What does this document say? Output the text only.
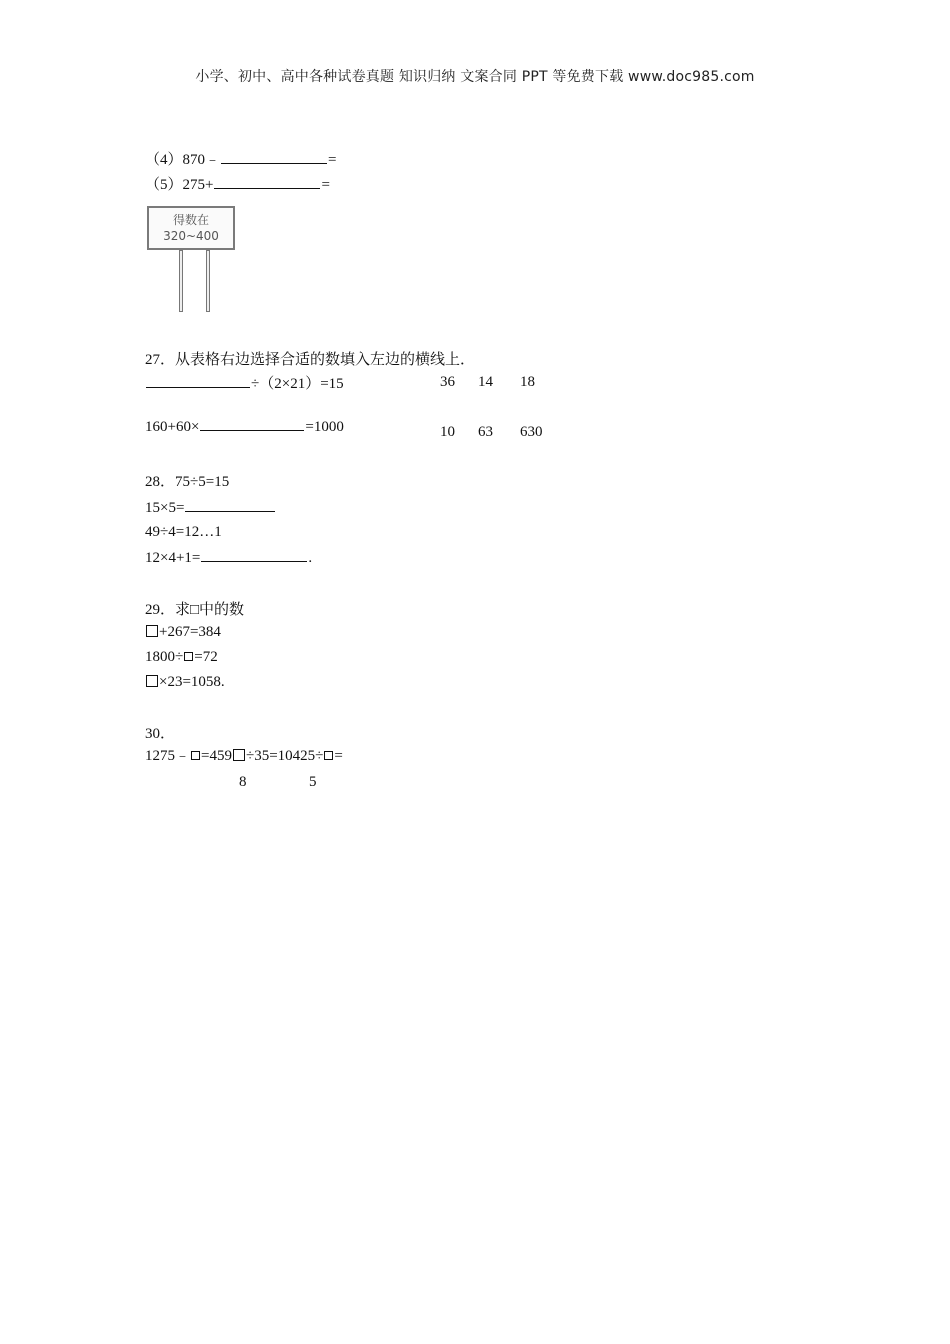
小学、初中、高中各种试卷真题 知识归纳 文案合同 PPT 等免费下载 www.doc985.com
（4）870﹣	=
（5）275+	=
得数在
320~400
27．从表格右边选择合适的数填入左边的横线上．
÷（2×21）=15
160+60×	=1000
36 14 18
10 63 630
28．75÷5=15
15×5=
49÷4=12…1
12×4+1=	.
29．求□中的数
+267=384
1800÷ =72
×23=1058.
30．
1275﹣ =459 ÷35=10425÷ =
8	5
